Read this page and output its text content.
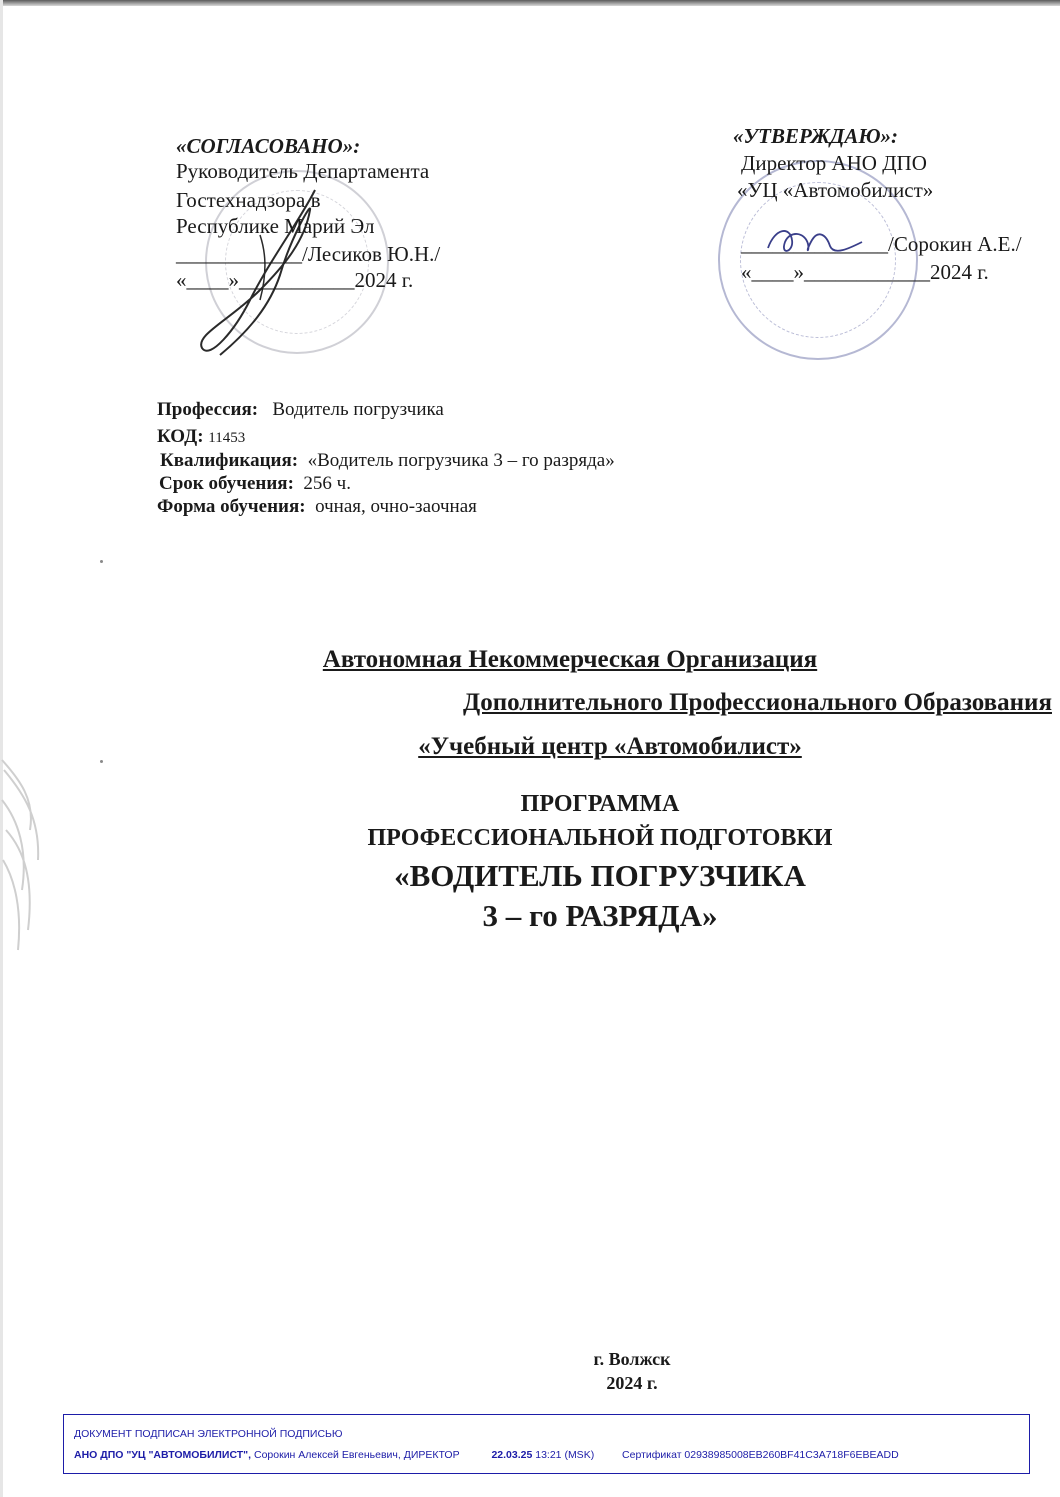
«СОГЛАСОВАНО»:
Руководитель Департамента
Гостехнадзора в
Республике Марий Эл
____________/Лесиков Ю.Н./
«____»___________2024 г.
«УТВЕРЖДАЮ»:
Директор АНО ДПО
«УЦ «Автомобилист»
______________/Сорокин А.Е./
«____»____________2024 г.
Профессия: Водитель погрузчика
КОД: 11453
Квалификация: «Водитель погрузчика 3 – го разряда»
Срок обучения: 256 ч.
Форма обучения: очная, очно-заочная
Автономная Некоммерческая Организация
Дополнительного Профессионального Образования
«Учебный центр «Автомобилист»
ПРОГРАММА
ПРОФЕССИОНАЛЬНОЙ ПОДГОТОВКИ
«ВОДИТЕЛЬ ПОГРУЗЧИКА
3 – го РАЗРЯДА»
г. Волжск
2024 г.
ДОКУМЕНТ ПОДПИСАН ЭЛЕКТРОННОЙ ПОДПИСЬЮ
АНО ДПО "УЦ "АВТОМОБИЛИСТ", Сорокин Алексей Евгеньевич, ДИРЕКТОР	22.03.25 13:21 (MSK)	Сертификат 02938985008EB260BF41C3A718F6EBEADD
